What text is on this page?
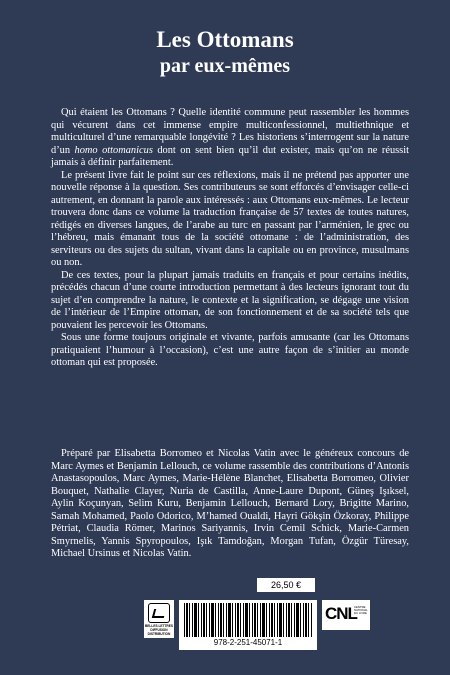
Les Ottomans
par eux-mêmes

Qui étaient les Ottomans ? Quelle identité commune peut rassembler les hommes qui vécurent dans cet immense empire multiconfessionnel, multiethnique et multiculturel d’une remarquable longévité ? Les historiens s’interrogent sur la nature d’un homo ottomanicus dont on sent bien qu’il dut exister, mais qu’on ne réussit jamais à définir parfaitement.

Le présent livre fait le point sur ces réflexions, mais il ne prétend pas apporter une nouvelle réponse à la question. Ses contributeurs se sont efforcés d’envisager celle-ci autrement, en donnant la parole aux intéressés : aux Ottomans eux-mêmes. Le lecteur trouvera donc dans ce volume la traduction française de 57 textes de toutes natures, rédigés en diverses langues, de l’arabe au turc en passant par l’arménien, le grec ou l’hébreu, mais émanant tous de la société ottomane : de l’administration, des serviteurs ou des sujets du sultan, vivant dans la capitale ou en province, musulmans ou non.

De ces textes, pour la plupart jamais traduits en français et pour certains inédits, précédés chacun d’une courte introduction permettant à des lecteurs ignorant tout du sujet d’en comprendre la nature, le contexte et la signification, se dégage une vision de l’intérieur de l’Empire ottoman, de son fonctionnement et de sa société tels que pouvaient les percevoir les Ottomans.

Sous une forme toujours originale et vivante, parfois amusante (car les Ottomans pratiquaient l’humour à l’occasion), c’est une autre façon de s’initier au monde ottoman qui est proposée.

Préparé par Elisabetta Borromeo et Nicolas Vatin avec le généreux concours de Marc Aymes et Benjamin Lellouch, ce volume rassemble des contributions d’Antonis Anastasopoulos, Marc Aymes, Marie-Hélène Blanchet, Elisabetta Borromeo, Olivier Bouquet, Nathalie Clayer, Nuria de Castilla, Anne-Laure Dupont, Güneş Işıksel, Aylin Koçunyan, Selim Kuru, Benjamin Lellouch, Bernard Lory, Brigitte Marino, Samah Mohamed, Paolo Odorico, M’hamed Oualdi, Hayri Gökşin Özkoray, Philippe Pétriat, Claudia Römer, Marinos Sariyannis, Irvin Cemil Schick, Marie-Carmen Smyrnelis, Yannis Spyropoulos, Işık Tamdoğan, Morgan Tufan, Özgür Türesay, Michael Ursinus et Nicolas Vatin.

26,50 €
BELLES LETTRES
DIFFUSION
DISTRIBUTION
978-2-251-45071-1
CNL
CENTRE NATIONAL DU LIVRE
